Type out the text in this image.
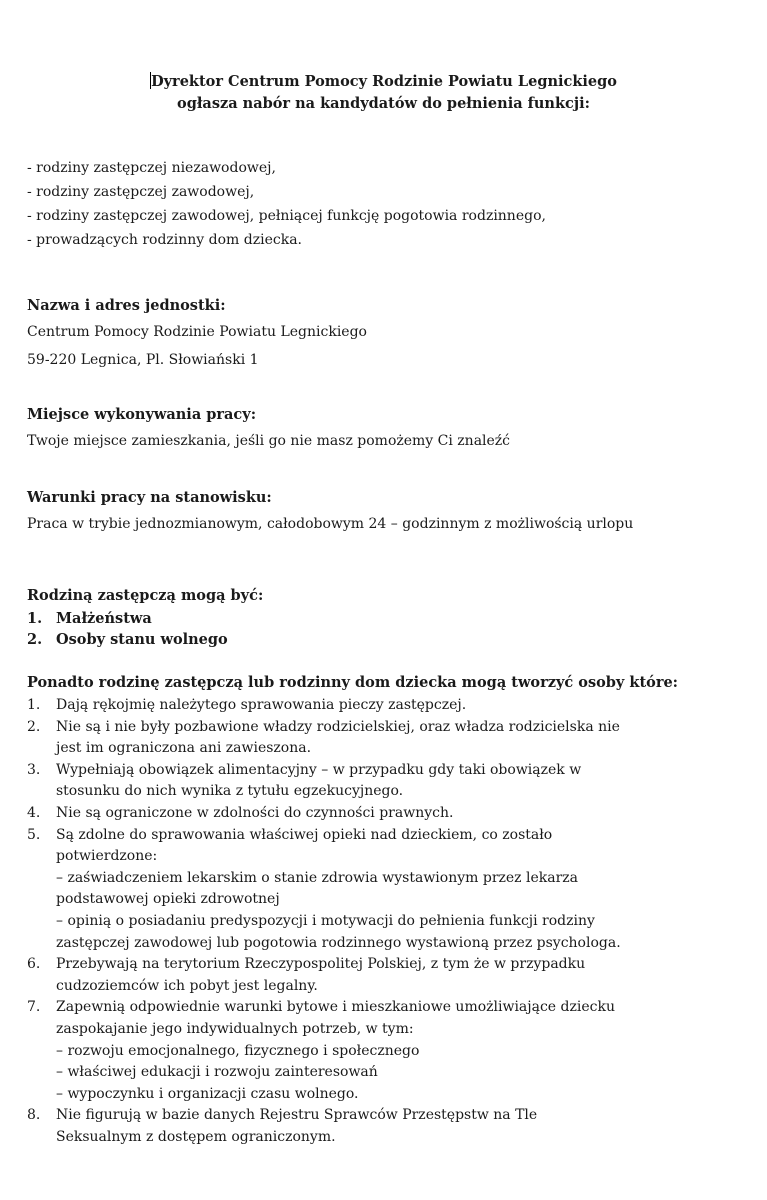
Dyrektor Centrum Pomocy Rodzinie Powiatu Legnickiego
ogłasza nabór na kandydatów do pełnienia funkcji:
- rodziny zastępczej niezawodowej,
- rodziny zastępczej zawodowej,
- rodziny zastępczej zawodowej, pełniącej funkcję pogotowia rodzinnego,
- prowadzących rodzinny dom dziecka.
Nazwa i adres jednostki:
Centrum Pomocy Rodzinie Powiatu Legnickiego
59-220 Legnica, Pl. Słowiański 1
Miejsce wykonywania pracy:
Twoje miejsce zamieszkania, jeśli go nie masz pomożemy Ci znaleźć
Warunki pracy na stanowisku:
Praca w trybie jednozmianowym, całodobowym 24 – godzinnym z możliwością urlopu
Rodziną zastępczą mogą być:
1. Małżeństwa
2. Osoby stanu wolnego
Ponadto rodzinę zastępczą lub rodzinny dom dziecka mogą tworzyć osoby które:
1.	Dają rękojmię należytego sprawowania pieczy zastępczej.
2.	Nie są i nie były pozbawione władzy rodzicielskiej, oraz władza rodzicielska nie
jest im ograniczona ani zawieszona.
3.	Wypełniają obowiązek alimentacyjny – w przypadku gdy taki obowiązek w
stosunku do nich wynika z tytułu egzekucyjnego.
4.	Nie są ograniczone w zdolności do czynności prawnych.
5.	Są zdolne do sprawowania właściwej opieki nad dzieckiem, co zostało
potwierdzone:
– zaświadczeniem lekarskim o stanie zdrowia wystawionym przez lekarza
podstawowej opieki zdrowotnej
– opinią o posiadaniu predyspozycji i motywacji do pełnienia funkcji rodziny
zastępczej zawodowej lub pogotowia rodzinnego wystawioną przez psychologa.
6.	Przebywają na terytorium Rzeczypospolitej Polskiej, z tym że w przypadku
cudzoziemców ich pobyt jest legalny.
7.	Zapewnią odpowiednie warunki bytowe i mieszkaniowe umożliwiające dziecku
zaspokajanie jego indywidualnych potrzeb, w tym:
– rozwoju emocjonalnego, fizycznego i społecznego
– właściwej edukacji i rozwoju zainteresowań
– wypoczynku i organizacji czasu wolnego.
8.	Nie figurują w bazie danych Rejestru Sprawców Przestępstw na Tle
Seksualnym z dostępem ograniczonym.
